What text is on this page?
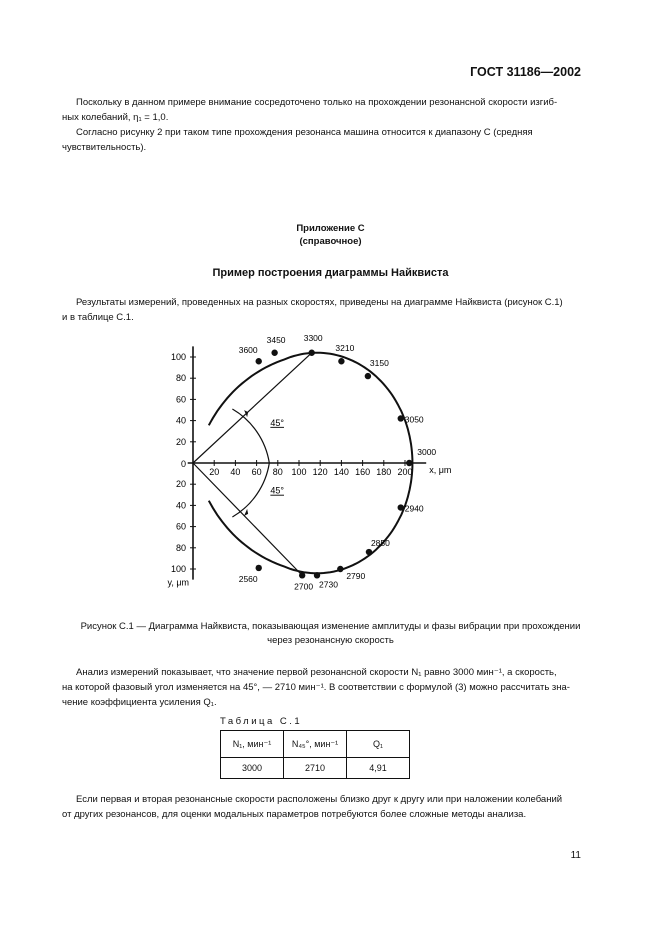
ГОСТ 31186—2002
Поскольку в данном примере внимание сосредоточено только на прохождении резонансной скорости изгиб-
ных колебаний, η₁ = 1,0.
Согласно рисунку 2 при таком типе прохождения резонанса машина относится к диапазону С (средняя
чувствительность).
Приложение С
(справочное)
Пример построения диаграммы Найквиста
Результаты измерений, проведенных на разных скоростях, приведены на диаграмме Найквиста (рисунок С.1)
и в таблице С.1.
20 40 60 80 100 120 140 160 180 200
0
x, μm
100
80
60
40
20
20
40
60
80
100
y, μm
45°
45°
3600
3450 3300
3210
3150
3050
3000
2940
2850
2790
2730
2700
2560
Рисунок С.1 — Диаграмма Найквиста, показывающая изменение амплитуды и фазы вибрации при прохождении
через резонансную скорость
Анализ измерений показывает, что значение первой резонансной скорости N₁ равно 3000 мин⁻¹, а скорость,
на которой фазовый угол изменяется на 45°, — 2710 мин⁻¹. В соответствии с формулой (3) можно рассчитать зна-
чение коэффициента усиления Q₁.
Таблица С.1
N₁, мин⁻¹	N₄₅°, мин⁻¹	Q₁
3000	2710	4,91
Если первая и вторая резонансные скорости расположены близко друг к другу или при наложении колебаний
от других резонансов, для оценки модальных параметров потребуются более сложные методы анализа.
11
